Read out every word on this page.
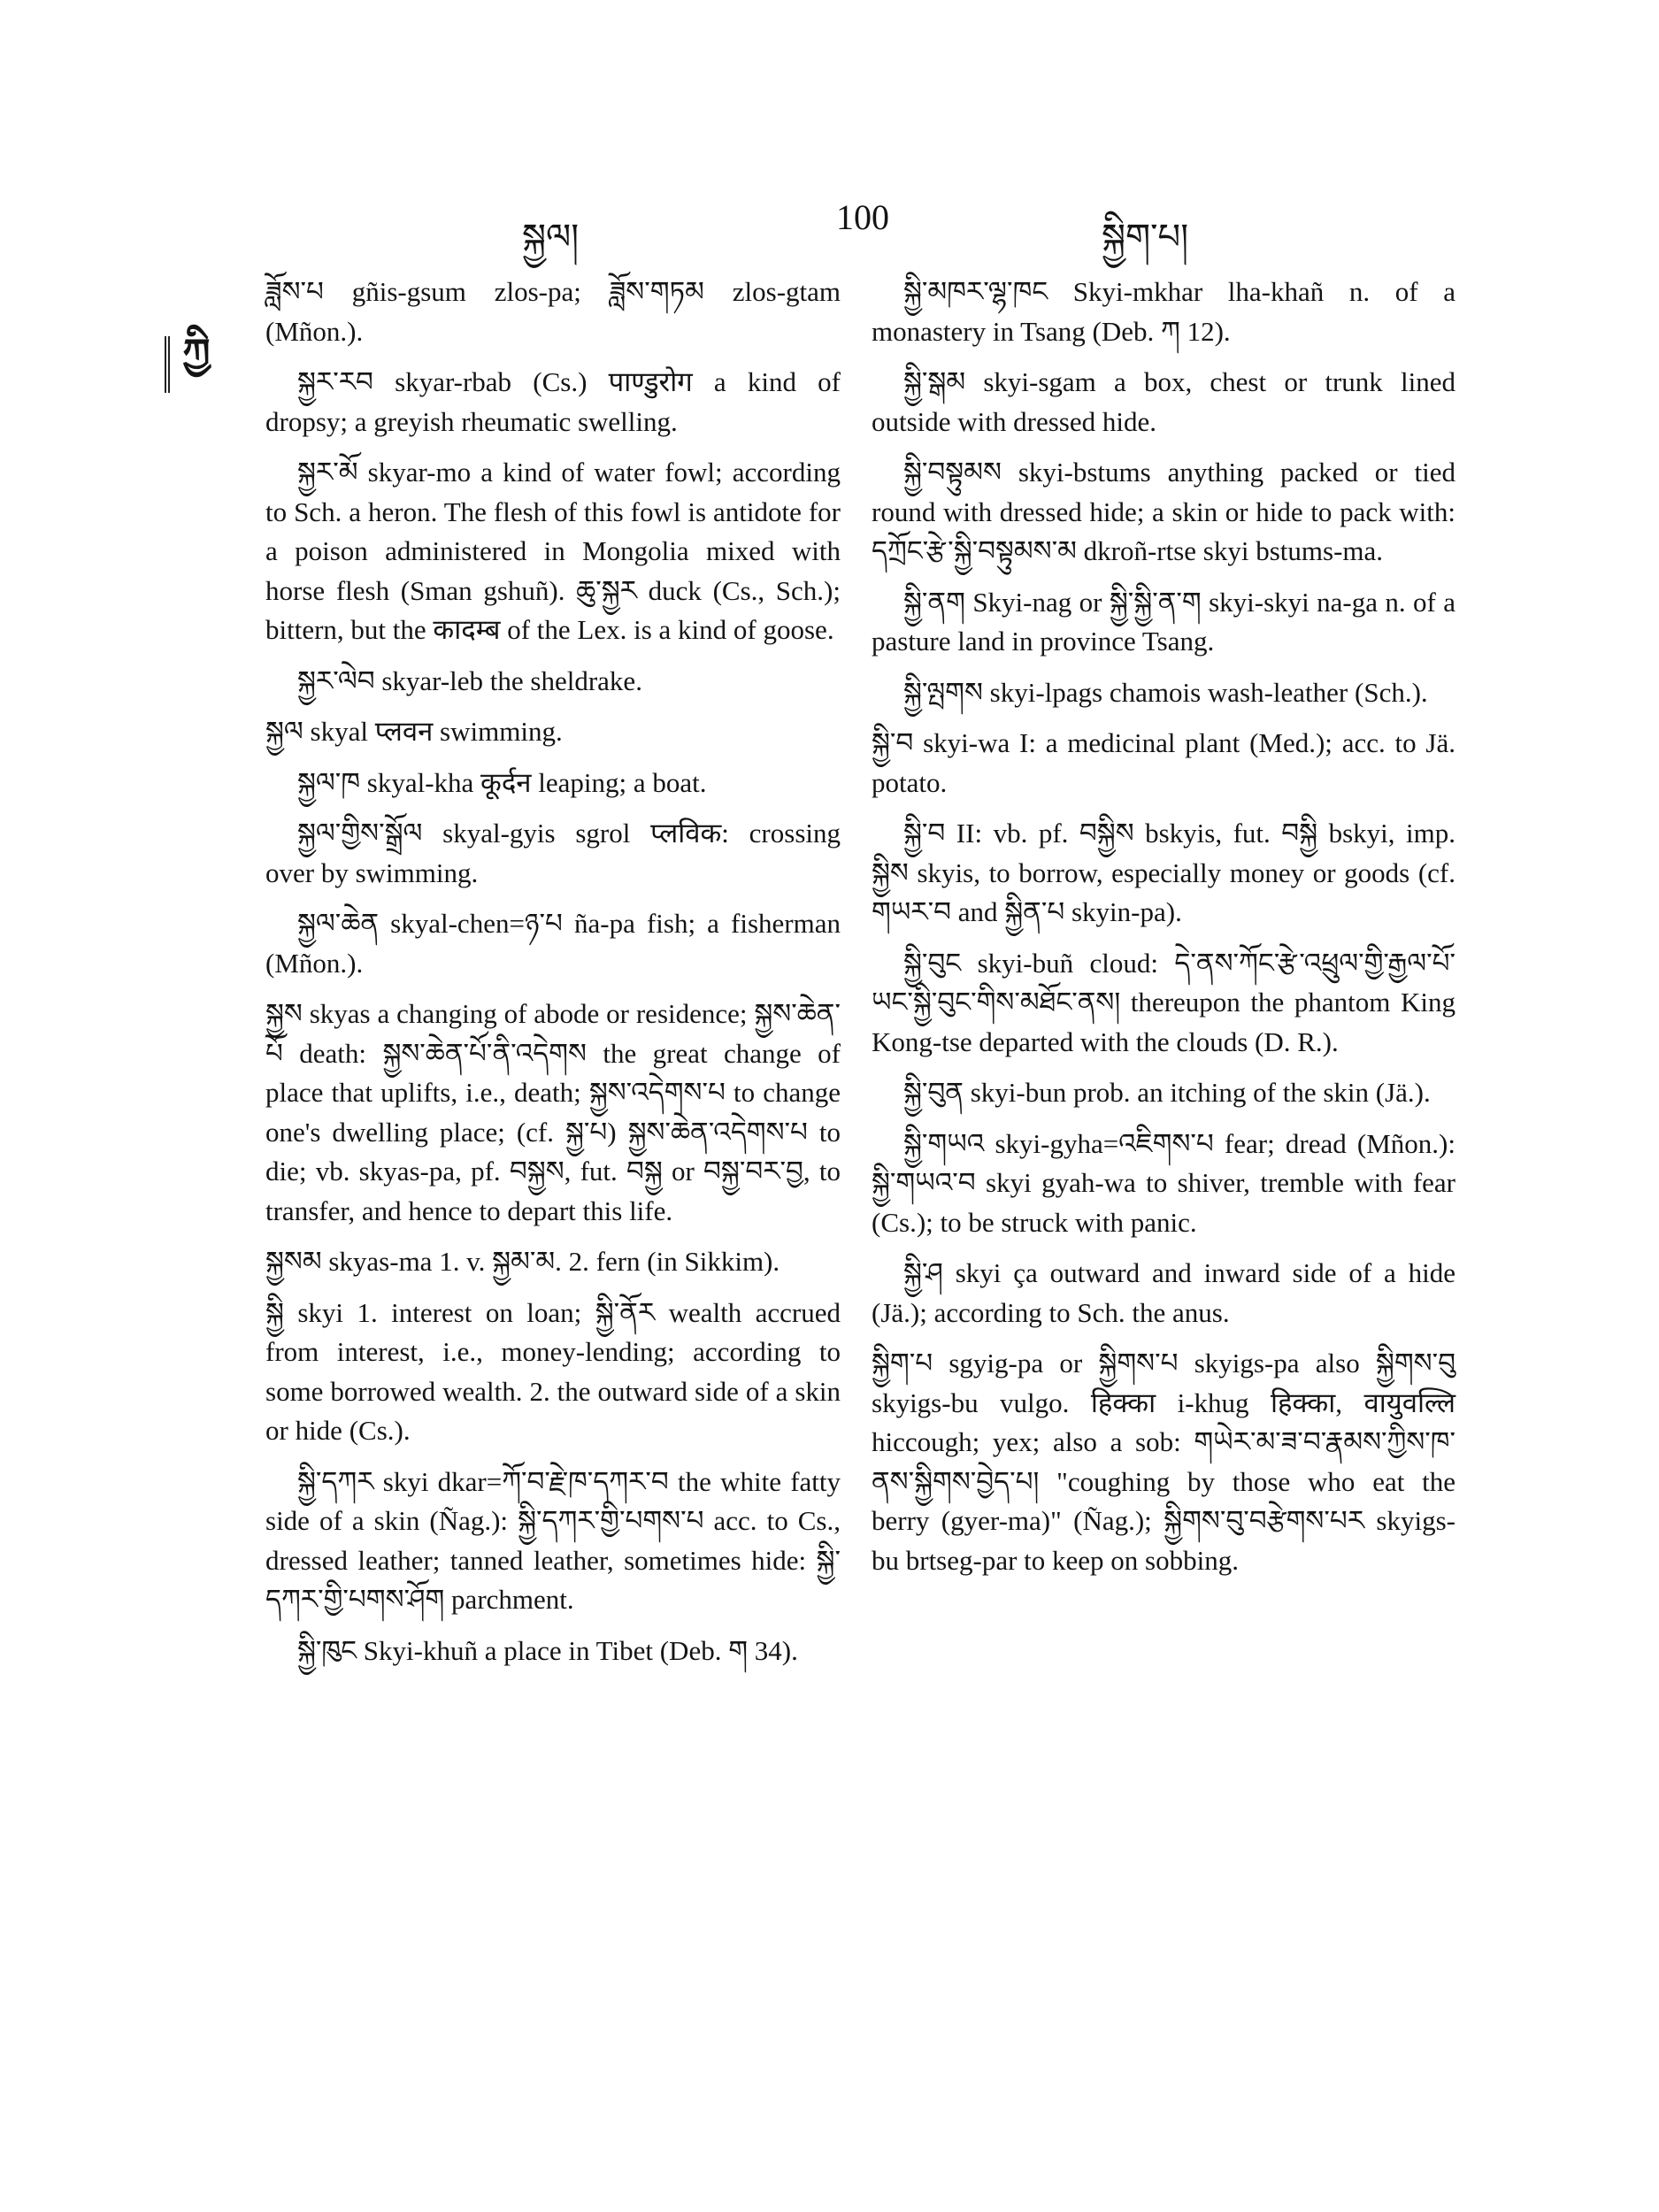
སྐྱལ།	100	སྐྱིག་པ།
ཀྱི

ཟློས་པ gñis-gsum zlos-pa; ཟློས་གཏམ zlos-gtam (Mñon.).

སྐྱར་རབ skyar-rbab (Cs.) पाण्डुरोग a kind of dropsy; a greyish rheumatic swelling.

སྐྱར་མོ skyar-mo a kind of water fowl; according to Sch. a heron. The flesh of this fowl is antidote for a poison administered in Mongolia mixed with horse flesh (Sman gshuñ). ཆུ་སྐྱར duck (Cs., Sch.); bittern, but the कादम्ब of the Lex. is a kind of goose.

སྐྱར་ལེབ skyar-leb the sheldrake.

སྐྱལ skyal प्लवन swimming.

སྐྱལ་ཁ skyal-kha कूर्दन leaping; a boat.

སྐྱལ་གྱིས་སྒྲོལ skyal-gyis sgrol प्लविक: crossing over by swimming.

སྐྱལ་ཆེན skyal-chen=ཉ་པ ña-pa fish; a fisherman (Mñon.).

སྐྱས skyas a changing of abode or residence; སྐྱས་ཆེན་པོ death: སྐྱས་ཆེན་པོ་ནི་འདེགས the great change of place that uplifts, i.e., death; སྐྱས་འདེགས་པ to change one's dwelling place; (cf. སྐྱ་པ) སྐྱས་ཆེན་འདེགས་པ to die; vb. skyas-pa, pf. བསྐྱས, fut. བསྐྱ or བསྐྱ་བར་བྱ, to transfer, and hence to depart this life.

སྐྱསམ skyas-ma 1. v. སྐྱམ་མ. 2. fern (in Sikkim).

སྐྱི skyi 1. interest on loan; སྐྱི་ནོར wealth accrued from interest, i.e., money-lending; according to some borrowed wealth. 2. the outward side of a skin or hide (Cs.).

སྐྱི་དཀར skyi dkar=ཀོ་བ་རྗེ་ཁ་དཀར་བ the white fatty side of a skin (Ñag.): སྐྱི་དཀར་གྱི་པགས་པ acc. to Cs., dressed leather; tanned leather, sometimes hide: སྐྱི་དཀར་གྱི་པགས་ཤོག parchment.

སྐྱི་ཁུང Skyi-khuñ a place in Tibet (Deb. ག 34).

སྐྱི་མཁར་ལྷ་ཁང Skyi-mkhar lha-khañ n. of a monastery in Tsang (Deb. ཀ 12).

སྐྱི་སྒམ skyi-sgam a box, chest or trunk lined outside with dressed hide.

སྐྱི་བསྟུམས skyi-bstums anything packed or tied round with dressed hide; a skin or hide to pack with: དཀྲོང་རྩེ་སྐྱི་བསྟུམས་མ dkroñ-rtse skyi bstums-ma.

སྐྱི་ནག Skyi-nag or སྐྱི་སྐྱི་ན་ག skyi-skyi na-ga n. of a pasture land in province Tsang.

སྐྱི་ལྤགས skyi-lpags chamois wash-leather (Sch.).

སྐྱི་བ skyi-wa I: a medicinal plant (Med.); acc. to Jä. potato.

སྐྱི་བ II: vb. pf. བསྐྱིས bskyis, fut. བསྐྱི bskyi, imp. སྐྱིས skyis, to borrow, especially money or goods (cf. གཡར་བ and སྐྱིན་པ skyin-pa).

སྐྱི་བུང skyi-buñ cloud: དེ་ནས་ཀོང་རྩེ་འཕྲུལ་གྱི་རྒྱལ་པོ་ཡང་སྐྱི་བུང་གིས་མཐོང་ནས། thereupon the phantom King Kong-tse departed with the clouds (D. R.).

སྐྱི་བུན skyi-bun prob. an itching of the skin (Jä.).

སྐྱི་གཡའ skyi-gyha=འཇིགས་པ fear; dread (Mñon.): སྐྱི་གཡའ་བ skyi gyah-wa to shiver, tremble with fear (Cs.); to be struck with panic.

སྐྱི་ཤ skyi ça outward and inward side of a hide (Jä.); according to Sch. the anus.

སྐྱིག་པ sgyig-pa or སྐྱིགས་པ skyigs-pa also སྐྱིགས་བུ skyigs-bu vulgo. हिक्का i-khug हिक्का, वायुवल्लि hiccough; yex; also a sob: གཡེར་མ་ཟ་བ་རྣམས་ཀྱིས་ཁ་ནས་སྐྱིགས་བྱེད་པ། "coughing by those who eat the berry (gyer-ma)" (Ñag.); སྐྱིགས་བུ་བརྩེགས་པར skyigs-bu brtseg-par to keep on sobbing.
